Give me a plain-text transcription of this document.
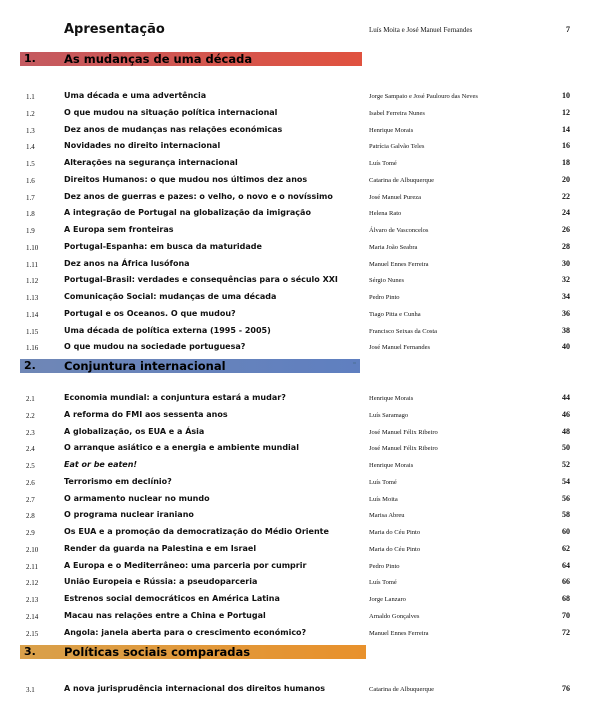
Apresentação	Luís Moita e José Manuel Fernandes	7
1. As mudanças de uma década
1.1	Uma década e uma advertência	Jorge Sampaio e José Paulouro das Neves	10
1.2	O que mudou na situação política internacional	Isabel Ferreira Nunes	12
1.3	Dez anos de mudanças nas relações económicas	Henrique Morais	14
1.4	Novidades no direito internacional	Patrícia Galvão Teles	16
1.5	Alterações na segurança internacional	Luís Tomé	18
1.6	Direitos Humanos: o que mudou nos últimos dez anos	Catarina de Albuquerque	20
1.7	Dez anos de guerras e pazes: o velho, o novo e o novíssimo	José Manuel Pureza	22
1.8	A integração de Portugal na globalização da imigração	Helena Rato	24
1.9	A Europa sem fronteiras	Álvaro de Vasconcelos	26
1.10	Portugal-Espanha: em busca da maturidade	Maria João Seabra	28
1.11	Dez anos na África lusófona	Manuel Ennes Ferreira	30
1.12	Portugal-Brasil: verdades e consequências para o século XXI	Sérgio Nunes	32
1.13	Comunicação Social: mudanças de uma década	Pedro Pinto	34
1.14	Portugal e os Oceanos. O que mudou?	Tiago Pitta e Cunha	36
1.15	Uma década de política externa (1995 - 2005)	Francisco Seixas da Costa	38
1.16	O que mudou na sociedade portuguesa?	José Manuel Fernandes	40
2. Conjuntura internacional
2.1	Economia mundial: a conjuntura estará a mudar?	Henrique Morais	44
2.2	A reforma do FMI aos sessenta anos	Luís Saramago	46
2.3	A globalização, os EUA e a Ásia	José Manuel Félix Ribeiro	48
2.4	O arranque asiático e a energia e ambiente mundial	José Manuel Félix Ribeiro	50
2.5	Eat or be eaten!	Henrique Morais	52
2.6	Terrorismo em declínio?	Luís Tomé	54
2.7	O armamento nuclear no mundo	Luís Moita	56
2.8	O programa nuclear iraniano	Marisa Abreu	58
2.9	Os EUA e a promoção da democratização do Médio Oriente	Maria do Céu Pinto	60
2.10	Render da guarda na Palestina e em Israel	Maria do Céu Pinto	62
2.11	A Europa e o Mediterrâneo: uma parceria por cumprir	Pedro Pinto	64
2.12	União Europeia e Rússia: a pseudoparceria	Luís Tomé	66
2.13	Estrenos social democráticos en América Latina	Jorge Lanzaro	68
2.14	Macau nas relações entre a China e Portugal	Arnaldo Gonçalves	70
2.15	Angola: janela aberta para o crescimento económico?	Manuel Ennes Ferreira	72
3. Políticas sociais comparadas
3.1	A nova jurisprudência internacional dos direitos humanos	Catarina de Albuquerque	76
